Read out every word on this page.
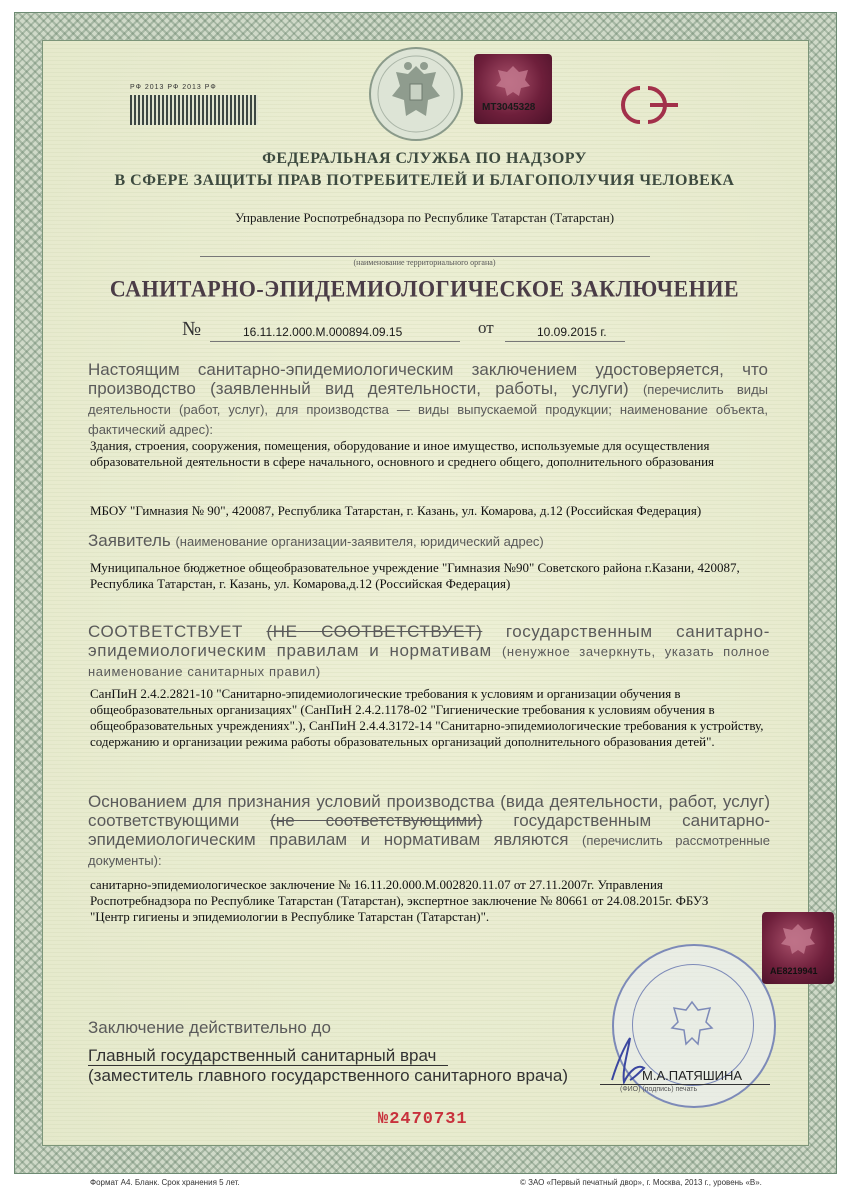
РФ 2013 РФ 2013 РФ
МТ3045328
ФЕДЕРАЛЬНАЯ СЛУЖБА ПО НАДЗОРУ
В СФЕРЕ ЗАЩИТЫ ПРАВ ПОТРЕБИТЕЛЕЙ И БЛАГОПОЛУЧИЯ ЧЕЛОВЕКА
Управление Роспотребнадзора по Республике Татарстан (Татарстан)
(наименование территориального органа)
САНИТАРНО-ЭПИДЕМИОЛОГИЧЕСКОЕ ЗАКЛЮЧЕНИЕ
№	16.11.12.000.М.000894.09.15	от	10.09.2015 г.
Настоящим санитарно-эпидемиологическим заключением удостоверяется, что производство (заявленный вид деятельности, работы, услуги) (перечислить виды деятельности (работ, услуг), для производства — виды выпускаемой продукции; наименование объекта, фактический адрес):
Здания, строения, сооружения, помещения, оборудование и иное имущество, используемые для осуществления образовательной деятельности в сфере начального, основного и среднего общего, дополнительного образования
МБОУ "Гимназия № 90", 420087, Республика Татарстан, г. Казань, ул. Комарова, д.12 (Российская Федерация)
Заявитель (наименование организации-заявителя, юридический адрес)
Муниципальное бюджетное общеобразовательное учреждение "Гимназия №90" Советского района г.Казани, 420087, Республика Татарстан, г. Казань, ул. Комарова,д.12 (Российская Федерация)
СООТВЕТСТВУЕТ (НЕ СООТВЕТСТВУЕТ) государственным санитарно-эпидемиологическим правилам и нормативам (ненужное зачеркнуть, указать полное наименование санитарных правил)
СанПиН 2.4.2.2821-10 "Санитарно-эпидемиологические требования к условиям и организации обучения в общеобразовательных организациях" (СанПиН 2.4.2.1178-02 "Гигиенические требования к условиям обучения в общеобразовательных учреждениях".), СанПиН 2.4.4.3172-14 "Санитарно-эпидемиологические требования к устройству, содержанию и организации режима работы образовательных организаций дополнительного образования детей".
Основанием для признания условий производства (вида деятельности, работ, услуг) соответствующими (не соответствующими) государственным санитарно-эпидемиологическим правилам и нормативам являются (перечислить рассмотренные документы):
санитарно-эпидемиологическое заключение № 16.11.20.000.М.002820.11.07 от 27.11.2007г. Управления Роспотребнадзора по Республике Татарстан (Татарстан), экспертное заключение № 80661 от 24.08.2015г. ФБУЗ "Центр гигиены и эпидемиологии в Республике Татарстан (Татарстан)".
АЕ8219941
Заключение действительно до
Главный государственный санитарный врач
(заместитель главного государственного санитарного врача)	М.А.ПАТЯШИНА
(ФИО) (подпись) печать
№2470731
Формат А4. Бланк. Срок хранения 5 лет.	© ЗАО «Первый печатный двор», г. Москва, 2013 г., уровень «В».
